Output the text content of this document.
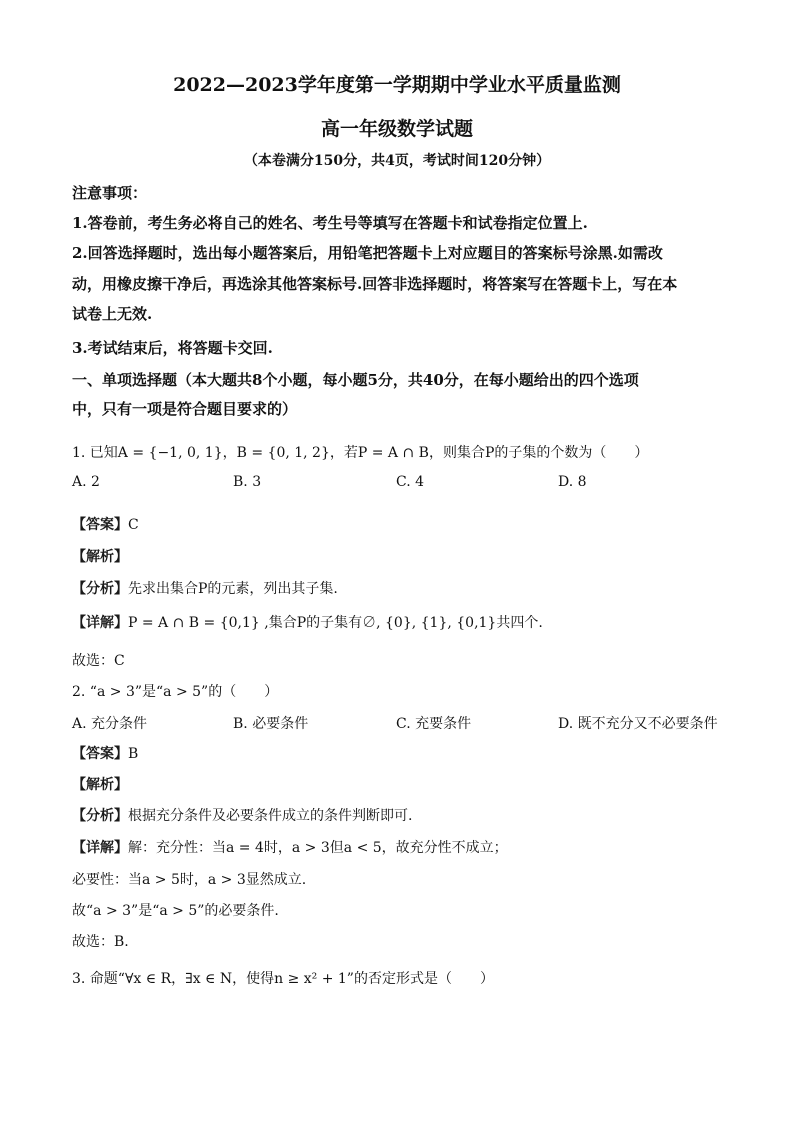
2022—2023学年度第一学期期中学业水平质量监测
高一年级数学试题
（本卷满分150分，共4页，考试时间120分钟）
注意事项：
1.答卷前，考生务必将自己的姓名、考生号等填写在答题卡和试卷指定位置上.
2.回答选择题时，选出每小题答案后，用铅笔把答题卡上对应题目的答案标号涂黑.如需改
动，用橡皮擦干净后，再选涂其他答案标号.回答非选择题时，将答案写在答题卡上，写在本
试卷上无效.
3.考试结束后，将答题卡交回.
一、单项选择题（本大题共8个小题，每小题5分，共40分，在每小题给出的四个选项
中，只有一项是符合题目要求的）
1. 已知A = {−1, 0, 1}，B = {0, 1, 2}，若P = A ∩ B，则集合P的子集的个数为（　　）
A. 2	B. 3	C. 4	D. 8
【答案】C
【解析】
【分析】先求出集合P的元素，列出其子集.
【详解】P = A ∩ B = {0,1} ,集合P的子集有∅, {0}, {1}, {0,1}共四个.
故选：C
2. “a > 3”是“a > 5”的（　　）
A. 充分条件	B. 必要条件	C. 充要条件	D. 既不充分又不必要条件
【答案】B
【解析】
【分析】根据充分条件及必要条件成立的条件判断即可.
【详解】解：充分性：当a = 4时，a > 3但a < 5，故充分性不成立；
必要性：当a > 5时，a > 3显然成立.
故“a > 3”是“a > 5”的必要条件.
故选：B.
3. 命题“∀x ∈ R，∃x ∈ N，使得n ≥ x² + 1”的否定形式是（　　）
